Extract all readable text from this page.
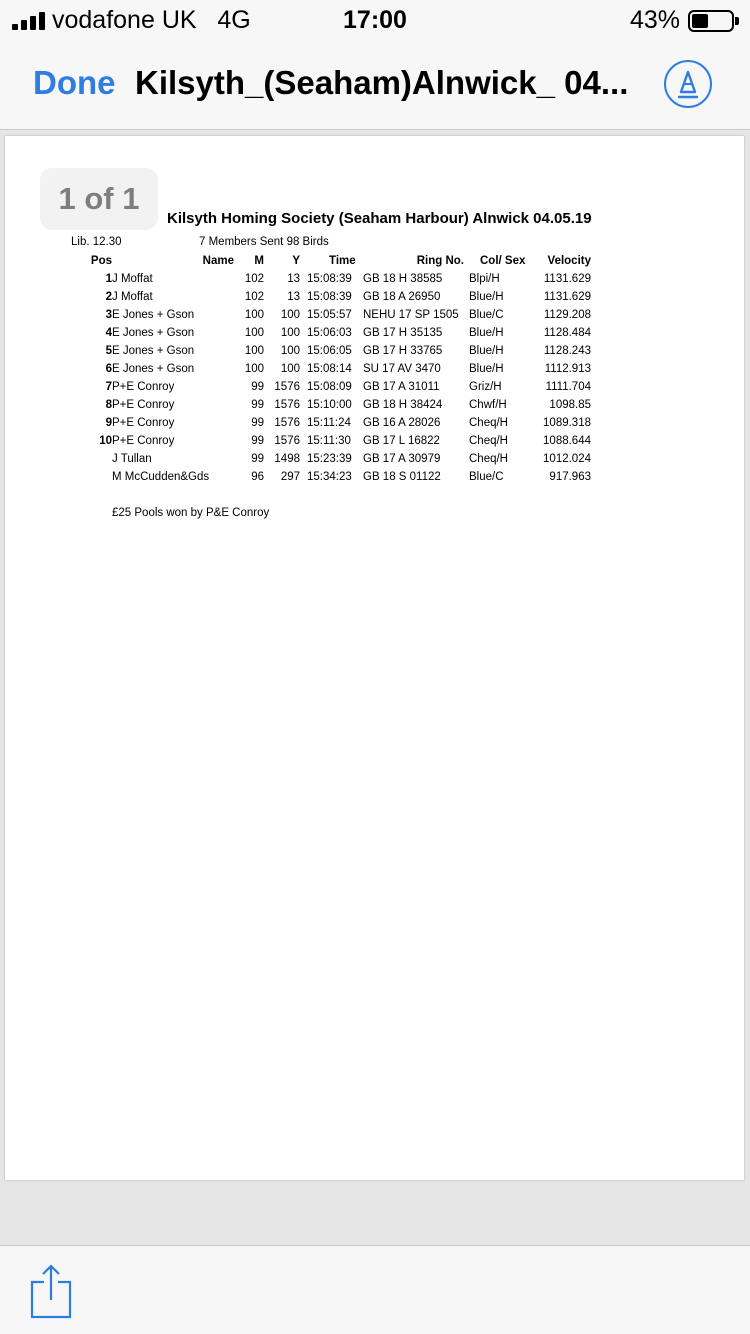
vodafone UK 4G	17:00	43%
Done Kilsyth_(Seaham)Alnwick_ 04...
1 of 1
Kilsyth Homing Society (Seaham Harbour) Alnwick 04.05.19
Lib. 12.30	7 Members Sent 98 Birds
Pos	Name M Y	Time	Ring No. Col/ Sex Velocity
1 J Moffat	102 13 15:08:39 GB 18 H 38585 Blpi/H	1131.629
2 J Moffat	102 13 15:08:39 GB 18 A 26950 Blue/H	1131.629
3 E Jones + Gson	100 100 15:05:57 NEHU 17 SP 1505 Blue/C	1129.208
4 E Jones + Gson	100 100 15:06:03 GB 17 H 35135 Blue/H	1128.484
5 E Jones + Gson	100 100 15:06:05 GB 17 H 33765 Blue/H	1128.243
6 E Jones + Gson	100 100 15:08:14 SU 17 AV 3470 Blue/H	1112.913
7 P+E Conroy	99 1576 15:08:09 GB 17 A 31011	Griz/H	1111.704
8 P+E Conroy	99 1576 15:10:00 GB 18 H 38424 Chwf/H	1098.85
9 P+E Conroy	99 1576 15:11:24 GB 16 A 28026 Cheq/H	1089.318
10 P+E Conroy	99 1576 15:11:30 GB 17 L 16822	Cheq/H	1088.644
J Tullan	99 1498 15:23:39 GB 17 A 30979 Cheq/H	1012.024
M McCudden&Gds	96 297 15:34:23 GB 18 S 01122 Blue/C	917.963
£25 Pools won by P&E Conroy
